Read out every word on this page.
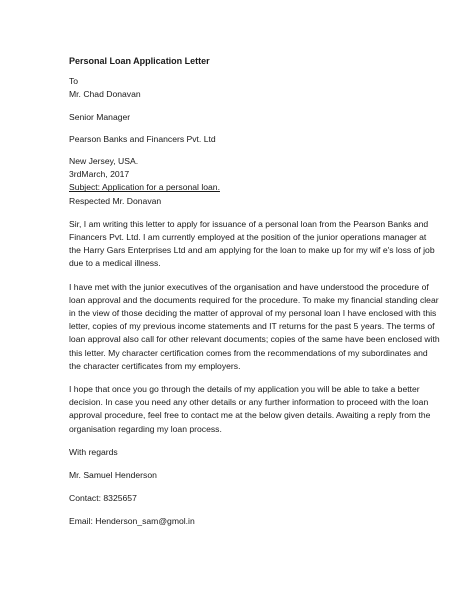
Personal Loan Application Letter
To
Mr. Chad Donavan
Senior Manager
Pearson Banks and Financers Pvt. Ltd
New Jersey, USA.
3rdMarch, 2017
Subject: Application for a personal loan.
Respected Mr. Donavan
Sir, I am writing this letter to apply for issuance of a personal loan from the Pearson Banks and
Financers Pvt. Ltd. I am currently employed at the position of the junior operations manager at
the Harry Gars Enterprises Ltd and am applying for the loan to make up for my wif e's loss of job
due to a medical illness.
I have met with the junior executives of the organisation and have understood the procedure of
loan approval and the documents required for the procedure. To make my financial standing clear
in the view of those deciding the matter of approval of my personal loan I have enclosed with this
letter, copies of my previous income statements and IT returns for the past 5 years. The terms of
loan approval also call for other relevant documents; copies of the same have been enclosed with
this letter. My character certification comes from the recommendations of my subordinates and
the character certificates from my employers.
I hope that once you go through the details of my application you will be able to take a better
decision. In case you need any other details or any further information to proceed with the loan
approval procedure, feel free to contact me at the below given details. Awaiting a reply from the
organisation regarding my loan process.
With regards
Mr. Samuel Henderson
Contact: 8325657
Email: Henderson_sam@gmol.in
